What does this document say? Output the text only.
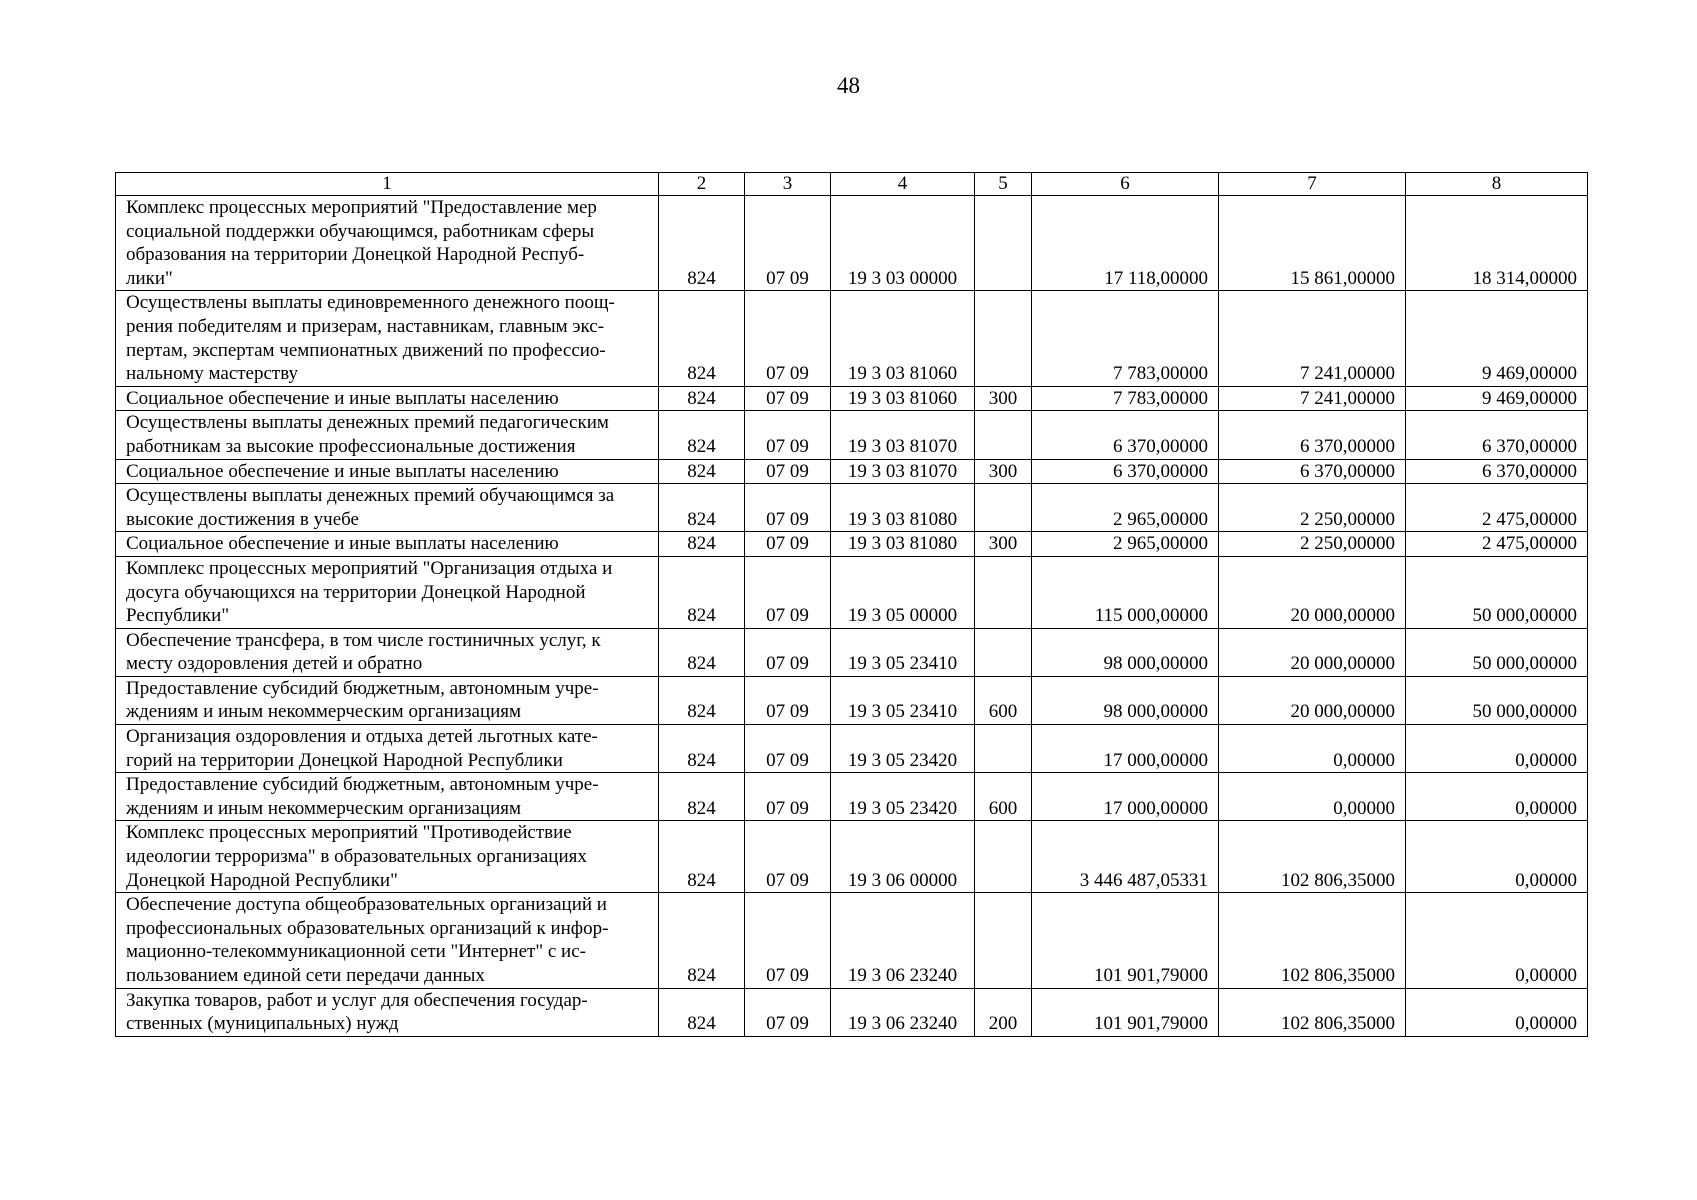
48
1	2	3	4	5	6	7	8
Комплекс процессных мероприятий "Предоставление мер
социальной поддержки обучающимся, работникам сферы
образования на территории Донецкой Народной Респуб-
лики"	824	07 09	19 3 03 00000		17 118,00000	15 861,00000	18 314,00000
Осуществлены выплаты единовременного денежного поощ-
рения победителям и призерам, наставникам, главным экс-
пертам, экспертам чемпионатных движений по профессио-
нальному мастерству	824	07 09	19 3 03 81060		7 783,00000	7 241,00000	9 469,00000
Социальное обеспечение и иные выплаты населению	824	07 09	19 3 03 81060	300	7 783,00000	7 241,00000	9 469,00000
Осуществлены выплаты денежных премий педагогическим
работникам за высокие профессиональные достижения	824	07 09	19 3 03 81070		6 370,00000	6 370,00000	6 370,00000
Социальное обеспечение и иные выплаты населению	824	07 09	19 3 03 81070	300	6 370,00000	6 370,00000	6 370,00000
Осуществлены выплаты денежных премий обучающимся за
высокие достижения в учебе	824	07 09	19 3 03 81080		2 965,00000	2 250,00000	2 475,00000
Социальное обеспечение и иные выплаты населению	824	07 09	19 3 03 81080	300	2 965,00000	2 250,00000	2 475,00000
Комплекс процессных мероприятий "Организация отдыха и
досуга обучающихся на территории Донецкой Народной
Республики"	824	07 09	19 3 05 00000		115 000,00000	20 000,00000	50 000,00000
Обеспечение трансфера, в том числе гостиничных услуг, к
месту оздоровления детей и обратно	824	07 09	19 3 05 23410		98 000,00000	20 000,00000	50 000,00000
Предоставление субсидий бюджетным, автономным учре-
ждениям и иным некоммерческим организациям	824	07 09	19 3 05 23410	600	98 000,00000	20 000,00000	50 000,00000
Организация оздоровления и отдыха детей льготных кате-
горий на территории Донецкой Народной Республики	824	07 09	19 3 05 23420		17 000,00000	0,00000	0,00000
Предоставление субсидий бюджетным, автономным учре-
ждениям и иным некоммерческим организациям	824	07 09	19 3 05 23420	600	17 000,00000	0,00000	0,00000
Комплекс процессных мероприятий "Противодействие
идеологии терроризма" в образовательных организациях
Донецкой Народной Республики"	824	07 09	19 3 06 00000		3 446 487,05331	102 806,35000	0,00000
Обеспечение доступа общеобразовательных организаций и
профессиональных образовательных организаций к инфор-
мационно-телекоммуникационной сети "Интернет" с ис-
пользованием единой сети передачи данных	824	07 09	19 3 06 23240		101 901,79000	102 806,35000	0,00000
Закупка товаров, работ и услуг для обеспечения государ-
ственных (муниципальных) нужд	824	07 09	19 3 06 23240	200	101 901,79000	102 806,35000	0,00000
